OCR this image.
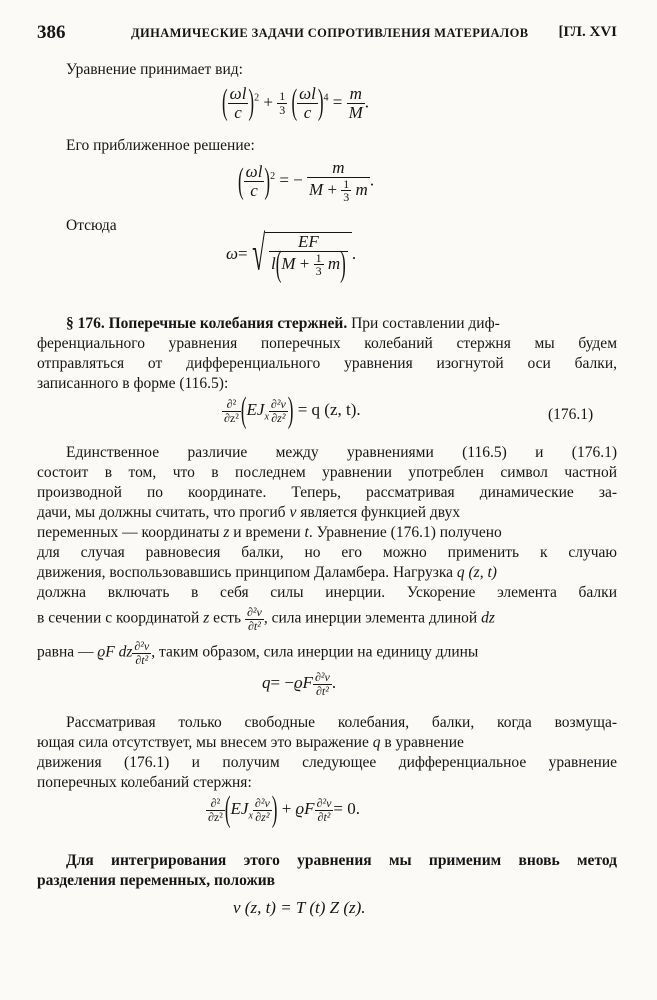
386	ДИНАМИЧЕСКИЕ ЗАДАЧИ СОПРОТИВЛЕНИЯ МАТЕРИАЛОВ [ГЛ. XVI
Уравнение принимает вид:
( $\frac{\omega l}{c} )^2 + \frac{1}{3}$ ( $\frac{\omega l}{c} )^4 = \frac{m}{M}$ .
Его приближенное решение:
( $\frac{\omega l}{c} )^2$ = − $\frac{m}{M + \frac{1}{3} m}$ .
Отсюда
ω= √ $\frac{EF}{l(M + \frac{1}{3} m)}$ .
§ 176. Поперечные колебания стержней. При составлении диф-
ференциального уравнения поперечных колебаний стержня мы будем
отправляться от дифференциального уравнения изогнутой оси балки,
записанного в форме (116.5):
$\frac{\text{∂²}}{\text{∂z²}} (EJ_x \frac{\text{∂²v}}{\text{∂z²}}$ ) = q (z, t).	(176.1)
Единственное различие между уравнениями (116.5) и (176.1)
состоит в том, что в последнем уравнении употреблен символ частной
производной по координате. Теперь, рассматривая динамические за-
дачи, мы должны считать, что прогиб v является функцией двух
переменных — координаты z и времени t. Уравнение (176.1) получено
для случая равновесия балки, но его можно применить к случаю
движения, воспользовавшись принципом Даламбера. Нагрузка q (z, t)
должна включать в себя силы инерции. Ускорение элемента балки
в сечении с координатой z есть $\frac{\text{∂²v}}{\text{∂t²}}$ , сила инерции элемента длиной dz
равна — ϱF dz $\frac{\text{∂²v}}{\text{∂t²}}$ , таким образом, сила инерции на единицу длины
$q= -ϱF \frac{\text{∂²v}}{\text{∂t²}}$ .
Рассматривая только свободные колебания, балки, когда возмуща-
ющая сила отсутствует, мы внесем это выражение q в уравнение
движения (176.1) и получим следующее дифференциальное уравнение
поперечных колебаний стержня:
$\frac{\text{∂²}}{\text{∂z²}} (EJ_x \frac{\text{∂²v}}{\text{∂z²}}$ ) + ϱF $\frac{\text{∂²v}}{\text{∂t²}} = 0$.
Для интегрирования этого уравнения мы применим вновь метод
разделения переменных, положив
v (z, t) = T (t) Z (z).
